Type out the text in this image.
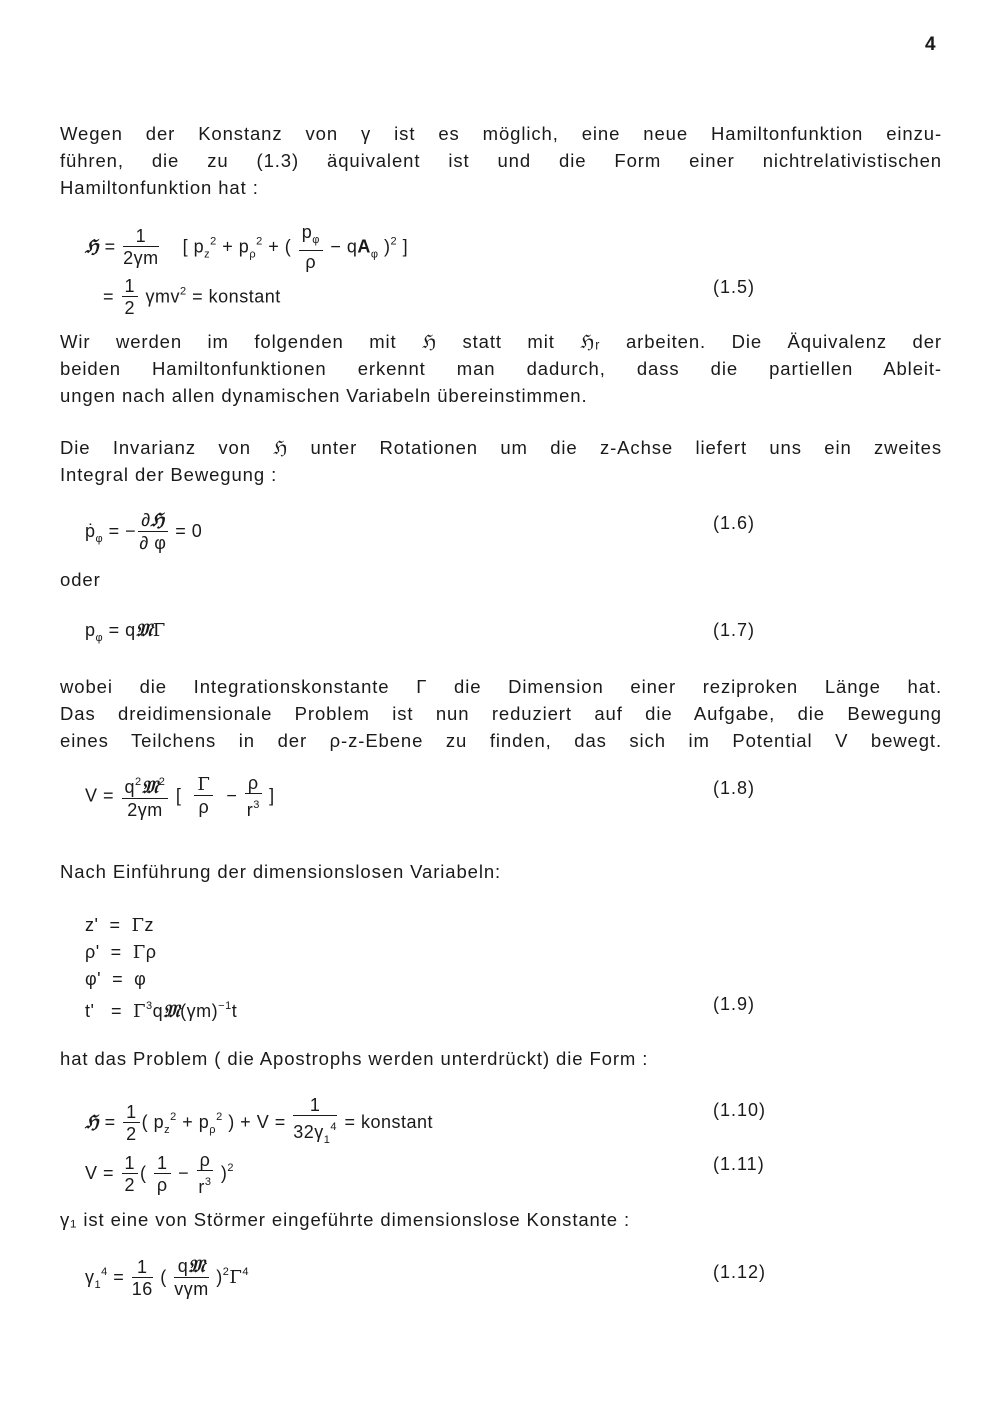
4
Wegen der Konstanz von γ ist es möglich, eine neue Hamiltonfunktion einzu-
führen, die zu (1.3) äquivalent ist und die Form einer nichtrelativistischen
Hamiltonfunktion hat :
ℌ = $\frac{1}{2\gamma m}$ [ $p_z^2 + p_\rho^2$ + ( $\frac{p_\varphi}{\rho} - qA_\varphi$ )$^2$ ]
= $\frac{1}{2} \gamma mv^2$ = konstant	(1.5)
Wir werden im folgenden mit ℌ statt mit ℌᵣ arbeiten. Die Äquivalenz der
beiden Hamiltonfunktionen erkennt man dadurch, dass die partiellen Ableit-
ungen nach allen dynamischen Variabeln übereinstimmen.
Die Invarianz von ℌ unter Rotationen um die z-Achse liefert uns ein zweites
Integral der Bewegung :
ṗ$_\varphi$ = − $\frac{\text{∂ℌ}}{\partial \varphi} = 0$	(1.6)
oder
$p_\varphi$ = q𝔐Γ	(1.7)
wobei die Integrationskonstante Γ die Dimension einer reziproken Länge hat.
Das dreidimensionale Problem ist nun reduziert auf die Aufgabe, die Bewegung
eines Teilchens in der ρ-z-Ebene zu finden, das sich im Potential V bewegt.
$V = \frac{q^2𝔐^2}{2\gamma m}$ [ $\frac{\Gamma}{\rho} - \frac{\rho}{r^3}$ ]	(1.8)
Nach Einführung der dimensionslosen Variabeln:
z'  =  Γz
ρ'  =  Γρ
φ'  =  φ
$t' = \Gamma^3q𝔐(\gamma m)^{-1}t$	(1.9)
hat das Problem ( die Apostrophs werden unterdrückt) die Form :
ℌ = $\frac{1}{2}$ ( $p_z^2 + p_\rho^2$ ) + $V = \frac{1}{32\gamma_1^4}$ = konstant
(1.10)
$V = \frac{1}{2}$ ( $\frac{1}{\rho} - \frac{\rho}{r^3} )^2$	(1.11)
γ₁ ist eine von Störmer eingeführte dimensionslose Konstante :
$\gamma_1^4 = \frac{1}{16}$ ( $\frac{\text{q𝔐}}{\text{vγm}} )^2\Gamma^4$	(1.12)
